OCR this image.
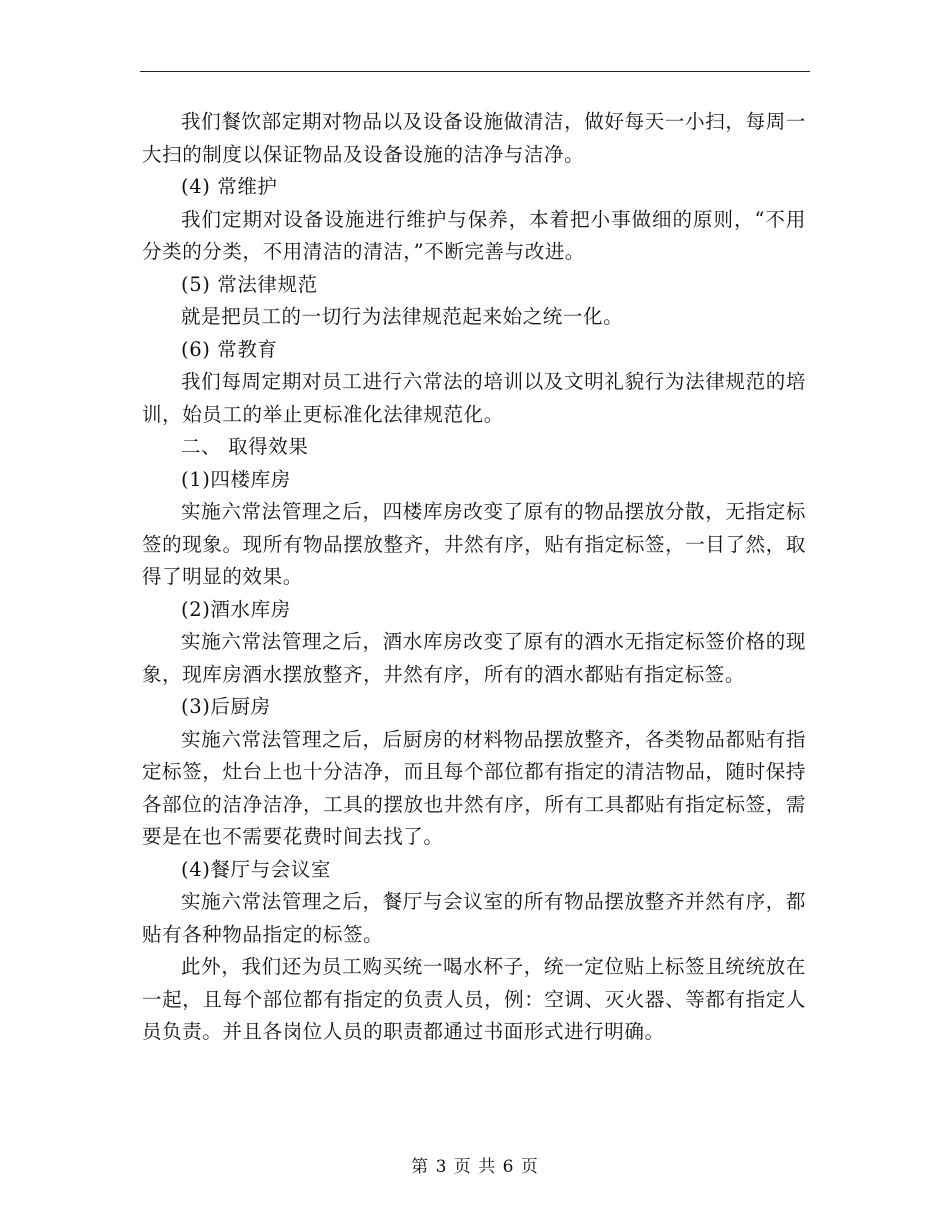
我们餐饮部定期对物品以及设备设施做清洁，做好每天一小扫，每周一大扫的制度以保证物品及设备设施的洁净与洁净。

(4) 常维护

我们定期对设备设施进行维护与保养，本着把小事做细的原则，“不用分类的分类，不用清洁的清洁，”不断完善与改进。

(5) 常法律规范

就是把员工的一切行为法律规范起来始之统一化。

(6) 常教育

我们每周定期对员工进行六常法的培训以及文明礼貌行为法律规范的培训，始员工的举止更标准化法律规范化。

二、 取得效果

(1)四楼库房

实施六常法管理之后，四楼库房改变了原有的物品摆放分散，无指定标签的现象。现所有物品摆放整齐，井然有序，贴有指定标签，一目了然，取得了明显的效果。

(2)酒水库房

实施六常法管理之后，酒水库房改变了原有的酒水无指定标签价格的现象，现库房酒水摆放整齐，井然有序，所有的酒水都贴有指定标签。

(3)后厨房

实施六常法管理之后，后厨房的材料物品摆放整齐，各类物品都贴有指定标签，灶台上也十分洁净，而且每个部位都有指定的清洁物品，随时保持各部位的洁净洁净，工具的摆放也井然有序，所有工具都贴有指定标签，需要是在也不需要花费时间去找了。

(4)餐厅与会议室

实施六常法管理之后，餐厅与会议室的所有物品摆放整齐并然有序，都贴有各种物品指定的标签。

此外，我们还为员工购买统一喝水杯子，统一定位贴上标签且统统放在一起，且每个部位都有指定的负责人员，例：空调、灭火器、等都有指定人员负责。并且各岗位人员的职责都通过书面形式进行明确。

第 3 页 共 6 页
